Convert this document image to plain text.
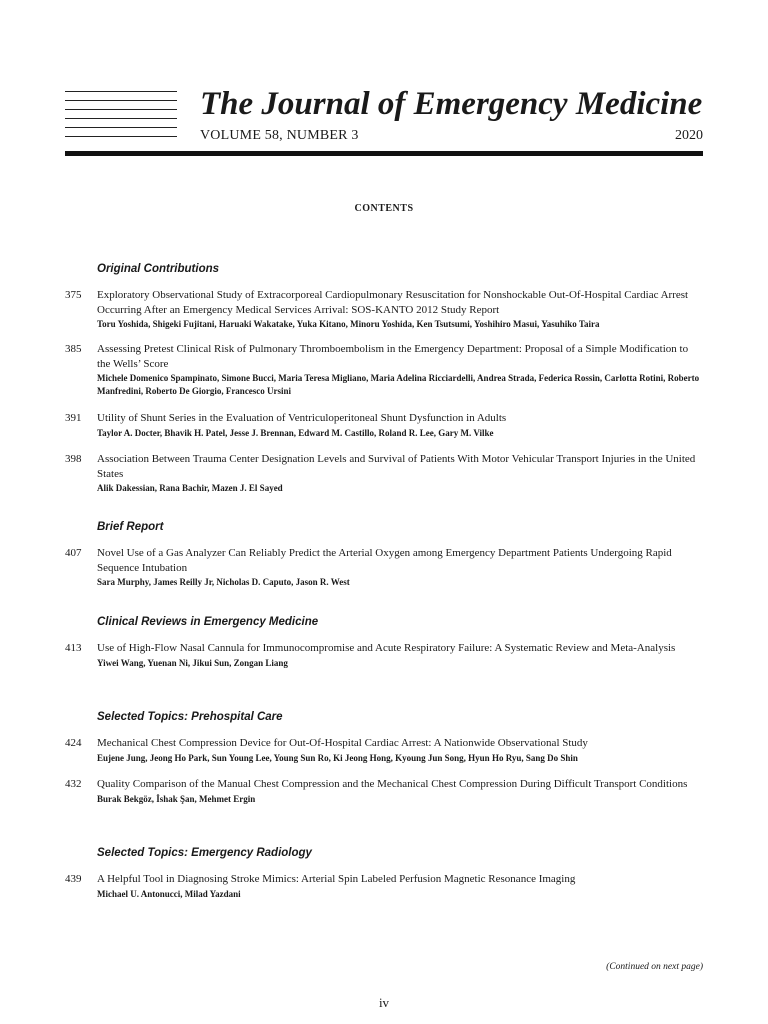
The Journal of Emergency Medicine
VOLUME 58, NUMBER 3	2020
CONTENTS
Original Contributions
375	Exploratory Observational Study of Extracorporeal Cardiopulmonary Resuscitation for Nonshockable Out-Of-Hospital Cardiac Arrest Occurring After an Emergency Medical Services Arrival: SOS-KANTO 2012 Study Report
Toru Yoshida, Shigeki Fujitani, Haruaki Wakatake, Yuka Kitano, Minoru Yoshida, Ken Tsutsumi, Yoshihiro Masui, Yasuhiko Taira
385	Assessing Pretest Clinical Risk of Pulmonary Thromboembolism in the Emergency Department: Proposal of a Simple Modification to the Wells’ Score
Michele Domenico Spampinato, Simone Bucci, Maria Teresa Migliano, Maria Adelina Ricciardelli, Andrea Strada, Federica Rossin, Carlotta Rotini, Roberto Manfredini, Roberto De Giorgio, Francesco Ursini
391	Utility of Shunt Series in the Evaluation of Ventriculoperitoneal Shunt Dysfunction in Adults
Taylor A. Docter, Bhavik H. Patel, Jesse J. Brennan, Edward M. Castillo, Roland R. Lee, Gary M. Vilke
398	Association Between Trauma Center Designation Levels and Survival of Patients With Motor Vehicular Transport Injuries in the United States
Alik Dakessian, Rana Bachir, Mazen J. El Sayed
Brief Report
407	Novel Use of a Gas Analyzer Can Reliably Predict the Arterial Oxygen among Emergency Department Patients Undergoing Rapid Sequence Intubation
Sara Murphy, James Reilly Jr, Nicholas D. Caputo, Jason R. West
Clinical Reviews in Emergency Medicine
413	Use of High-Flow Nasal Cannula for Immunocompromise and Acute Respiratory Failure: A Systematic Review and Meta-Analysis
Yiwei Wang, Yuenan Ni, Jikui Sun, Zongan Liang
Selected Topics: Prehospital Care
424	Mechanical Chest Compression Device for Out-Of-Hospital Cardiac Arrest: A Nationwide Observational Study
Eujene Jung, Jeong Ho Park, Sun Young Lee, Young Sun Ro, Ki Jeong Hong, Kyoung Jun Song, Hyun Ho Ryu, Sang Do Shin
432	Quality Comparison of the Manual Chest Compression and the Mechanical Chest Compression During Difficult Transport Conditions
Burak Bekgöz, İshak Şan, Mehmet Ergin
Selected Topics: Emergency Radiology
439	A Helpful Tool in Diagnosing Stroke Mimics: Arterial Spin Labeled Perfusion Magnetic Resonance Imaging
Michael U. Antonucci, Milad Yazdani
(Continued on next page)
iv
